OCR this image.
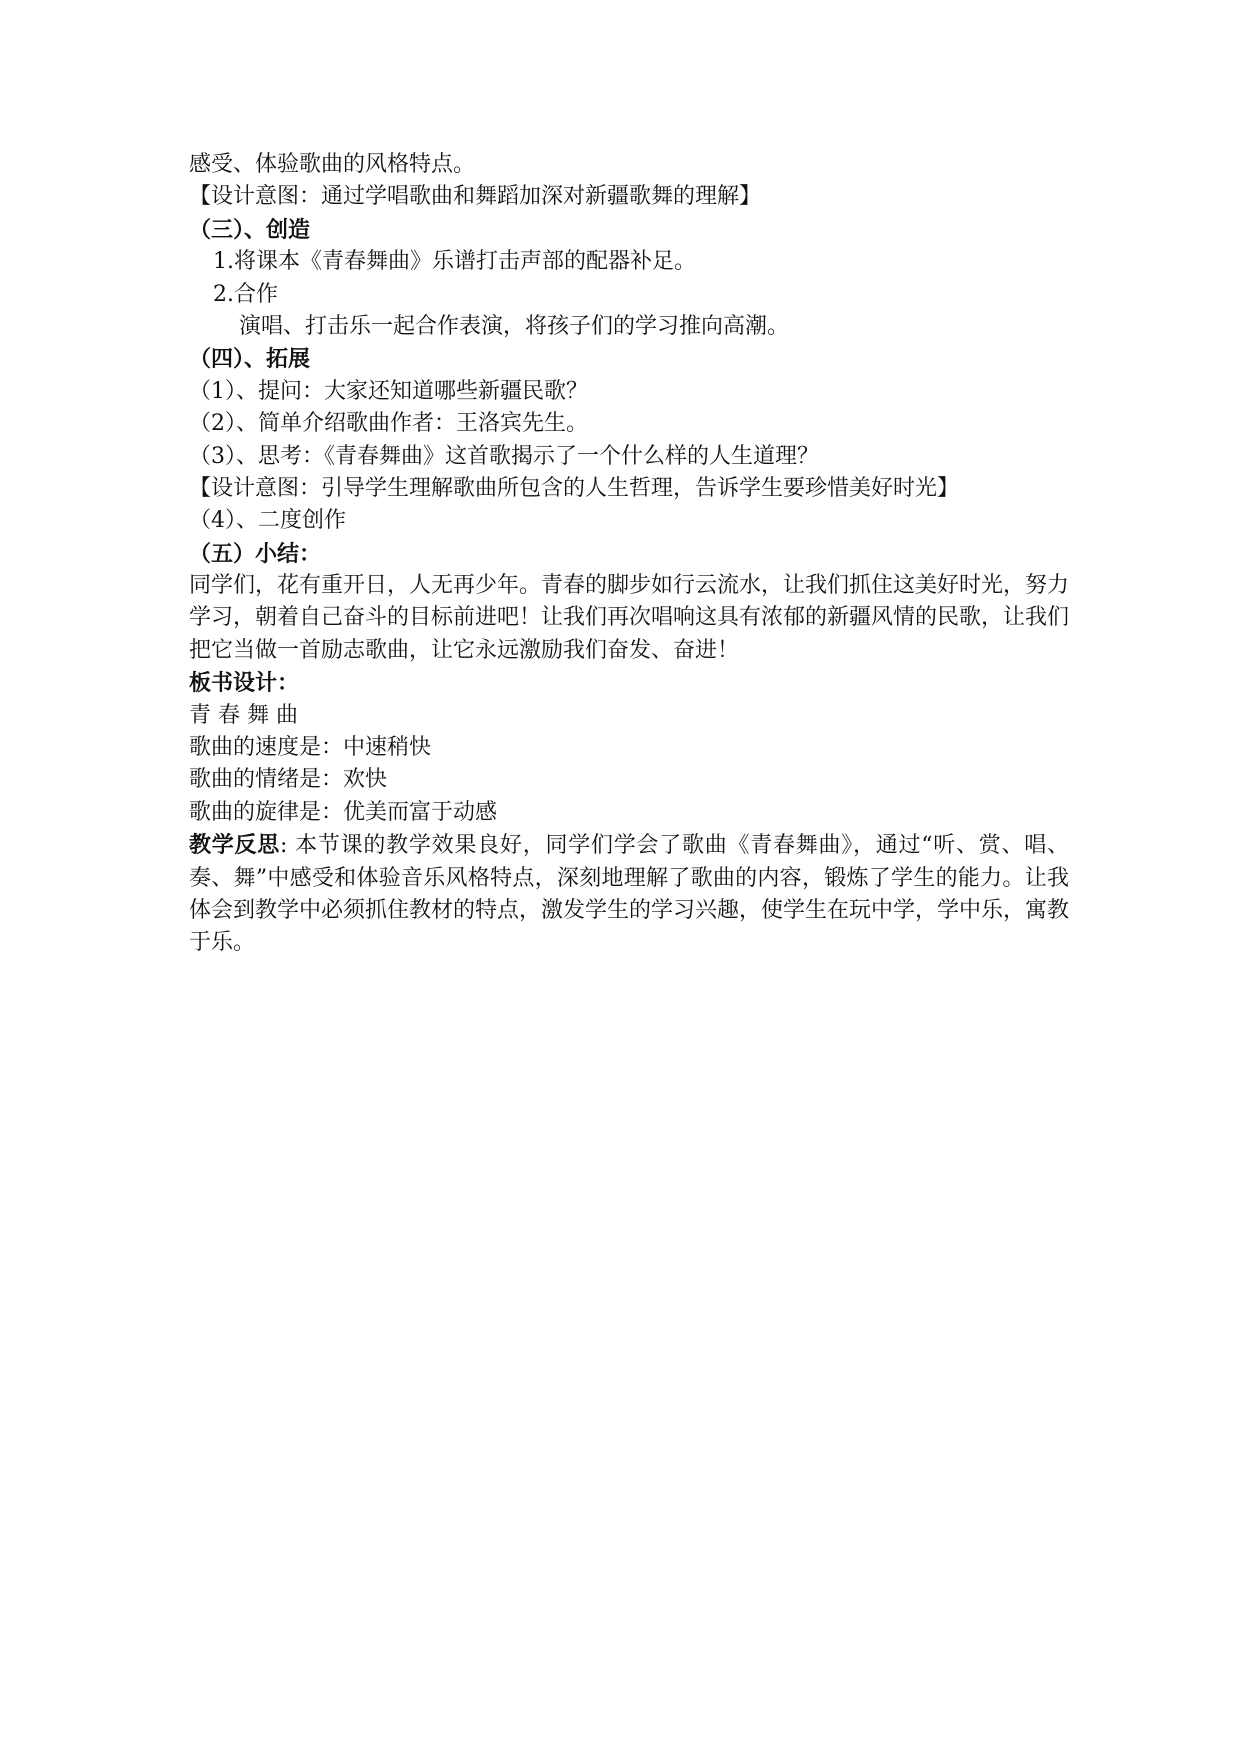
感受、体验歌曲的风格特点。
【设计意图：通过学唱歌曲和舞蹈加深对新疆歌舞的理解】
（三）、创造
1.将课本《青春舞曲》乐谱打击声部的配器补足。
2.合作
演唱、打击乐一起合作表演，将孩子们的学习推向高潮。
（四）、拓展
（1）、提问：大家还知道哪些新疆民歌？
（2）、简单介绍歌曲作者：王洛宾先生。
（3）、思考：《青春舞曲》这首歌揭示了一个什么样的人生道理？
【设计意图：引导学生理解歌曲所包含的人生哲理，告诉学生要珍惜美好时光】
（4）、二度创作
（五）小结：
同学们，花有重开日，人无再少年。青春的脚步如行云流水，让我们抓住这美好时光，努力学习，朝着自己奋斗的目标前进吧！让我们再次唱响这具有浓郁的新疆风情的民歌，让我们把它当做一首励志歌曲，让它永远激励我们奋发、奋进！
板书设计：
青 春 舞 曲
歌曲的速度是：中速稍快
歌曲的情绪是：欢快
歌曲的旋律是：优美而富于动感
教学反思: 本节课的教学效果良好，同学们学会了歌曲《青春舞曲》，通过“听、赏、唱、奏、舞”中感受和体验音乐风格特点，深刻地理解了歌曲的内容，锻炼了学生的能力。让我体会到教学中必须抓住教材的特点，激发学生的学习兴趣，使学生在玩中学，学中乐，寓教于乐。
